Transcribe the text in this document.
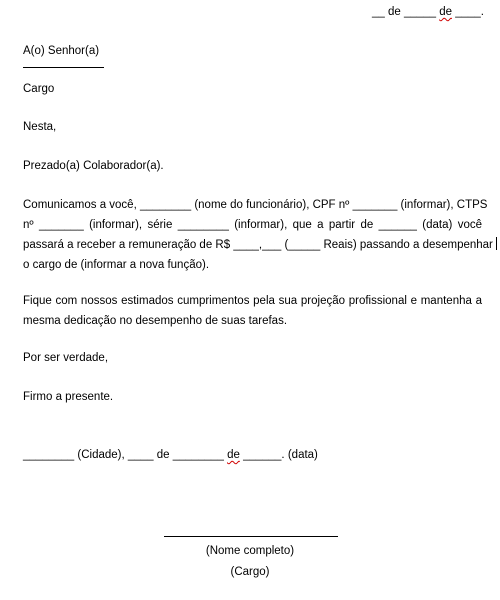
__ de _____ de ____.
A(o) Senhor(a)
Cargo
Nesta,
Prezado(a) Colaborador(a).
Comunicamos a você, ________ (nome do funcionário), CPF nº _______ (informar), CTPS
nº _______ (informar), série ________ (informar), que a partir de ______ (data) você
passará a receber a remuneração de R$ ____,___ (_____ Reais) passando a desempenhar
o cargo de (informar a nova função).
Fique com nossos estimados cumprimentos pela sua projeção profissional e mantenha a
mesma dedicação no desempenho de suas tarefas.
Por ser verdade,
Firmo a presente.
________ (Cidade), ____ de ________ de ______. (data)
(Nome completo)
(Cargo)
